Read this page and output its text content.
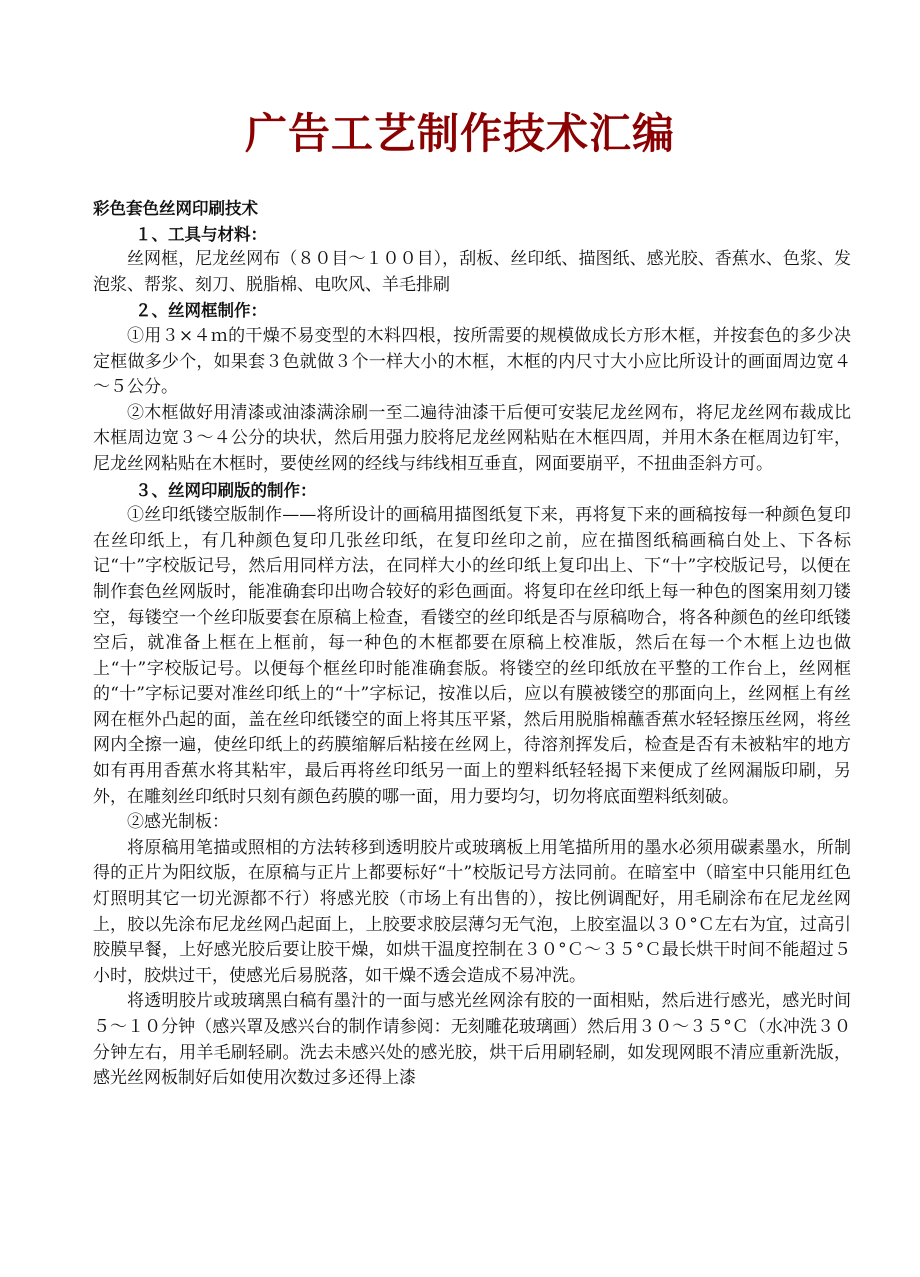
广告工艺制作技术汇编

彩色套色丝网印刷技术

１、工具与材料：

丝网框，尼龙丝网布（８０目～１００目），刮板、丝印纸、描图纸、感光胶、香蕉水、色浆、发泡浆、帮浆、刻刀、脱脂棉、电吹风、羊毛排刷

２、丝网框制作：

①用３×４ｍ的干燥不易变型的木料四根，按所需要的规模做成长方形木框，并按套色的多少决定框做多少个，如果套３色就做３个一样大小的木框，木框的内尺寸大小应比所设计的画面周边宽４～５公分。

②木框做好用清漆或油漆满涂刷一至二遍待油漆干后便可安装尼龙丝网布，将尼龙丝网布裁成比木框周边宽３～４公分的块状，然后用强力胶将尼龙丝网粘贴在木框四周，并用木条在框周边钉牢，尼龙丝网粘贴在木框时，要使丝网的经线与纬线相互垂直，网面要崩平，不扭曲歪斜方可。

３、丝网印刷版的制作：

①丝印纸镂空版制作——将所设计的画稿用描图纸复下来，再将复下来的画稿按每一种颜色复印在丝印纸上，有几种颜色复印几张丝印纸，在复印丝印之前，应在描图纸稿画稿白处上、下各标记“十”字校版记号，然后用同样方法，在同样大小的丝印纸上复印出上、下“十”字校版记号，以便在制作套色丝网版时，能准确套印出吻合较好的彩色画面。将复印在丝印纸上每一种色的图案用刻刀镂空，每镂空一个丝印版要套在原稿上检查，看镂空的丝印纸是否与原稿吻合，将各种颜色的丝印纸镂空后，就准备上框在上框前，每一种色的木框都要在原稿上校准版，然后在每一个木框上边也做上“十”字校版记号。以便每个框丝印时能准确套版。将镂空的丝印纸放在平整的工作台上，丝网框的“十”字标记要对准丝印纸上的“十”字标记，按准以后，应以有膜被镂空的那面向上，丝网框上有丝网在框外凸起的面，盖在丝印纸镂空的面上将其压平紧，然后用脱脂棉蘸香蕉水轻轻擦压丝网，将丝网内全擦一遍，使丝印纸上的药膜缩解后粘接在丝网上，待溶剂挥发后，检查是否有未被粘牢的地方如有再用香蕉水将其粘牢，最后再将丝印纸另一面上的塑料纸轻轻揭下来便成了丝网漏版印刷，另外，在雕刻丝印纸时只刻有颜色药膜的哪一面，用力要均匀，切勿将底面塑料纸刻破。

②感光制板：

将原稿用笔描或照相的方法转移到透明胶片或玻璃板上用笔描所用的墨水必须用碳素墨水，所制得的正片为阳纹版，在原稿与正片上都要标好“十”校版记号方法同前。在暗室中（暗室中只能用红色灯照明其它一切光源都不行）将感光胶（市场上有出售的），按比例调配好，用毛刷涂布在尼龙丝网上，胶以先涂布尼龙丝网凸起面上，上胶要求胶层薄匀无气泡，上胶室温以３０°Ｃ左右为宜，过高引胶膜早餐，上好感光胶后要让胶干燥，如烘干温度控制在３０°Ｃ～３５°Ｃ最长烘干时间不能超过５小时，胶烘过干，使感光后易脱落，如干燥不透会造成不易冲洗。

将透明胶片或玻璃黑白稿有墨汁的一面与感光丝网涂有胶的一面相贴，然后进行感光，感光时间５～１０分钟（感兴罩及感兴台的制作请参阅：无刻雕花玻璃画）然后用３０～３５°Ｃ（水冲洗３０分钟左右，用羊毛刷轻刷。洗去未感兴处的感光胶，烘干后用刷轻刷，如发现网眼不清应重新洗版，感光丝网板制好后如使用次数过多还得上漆
